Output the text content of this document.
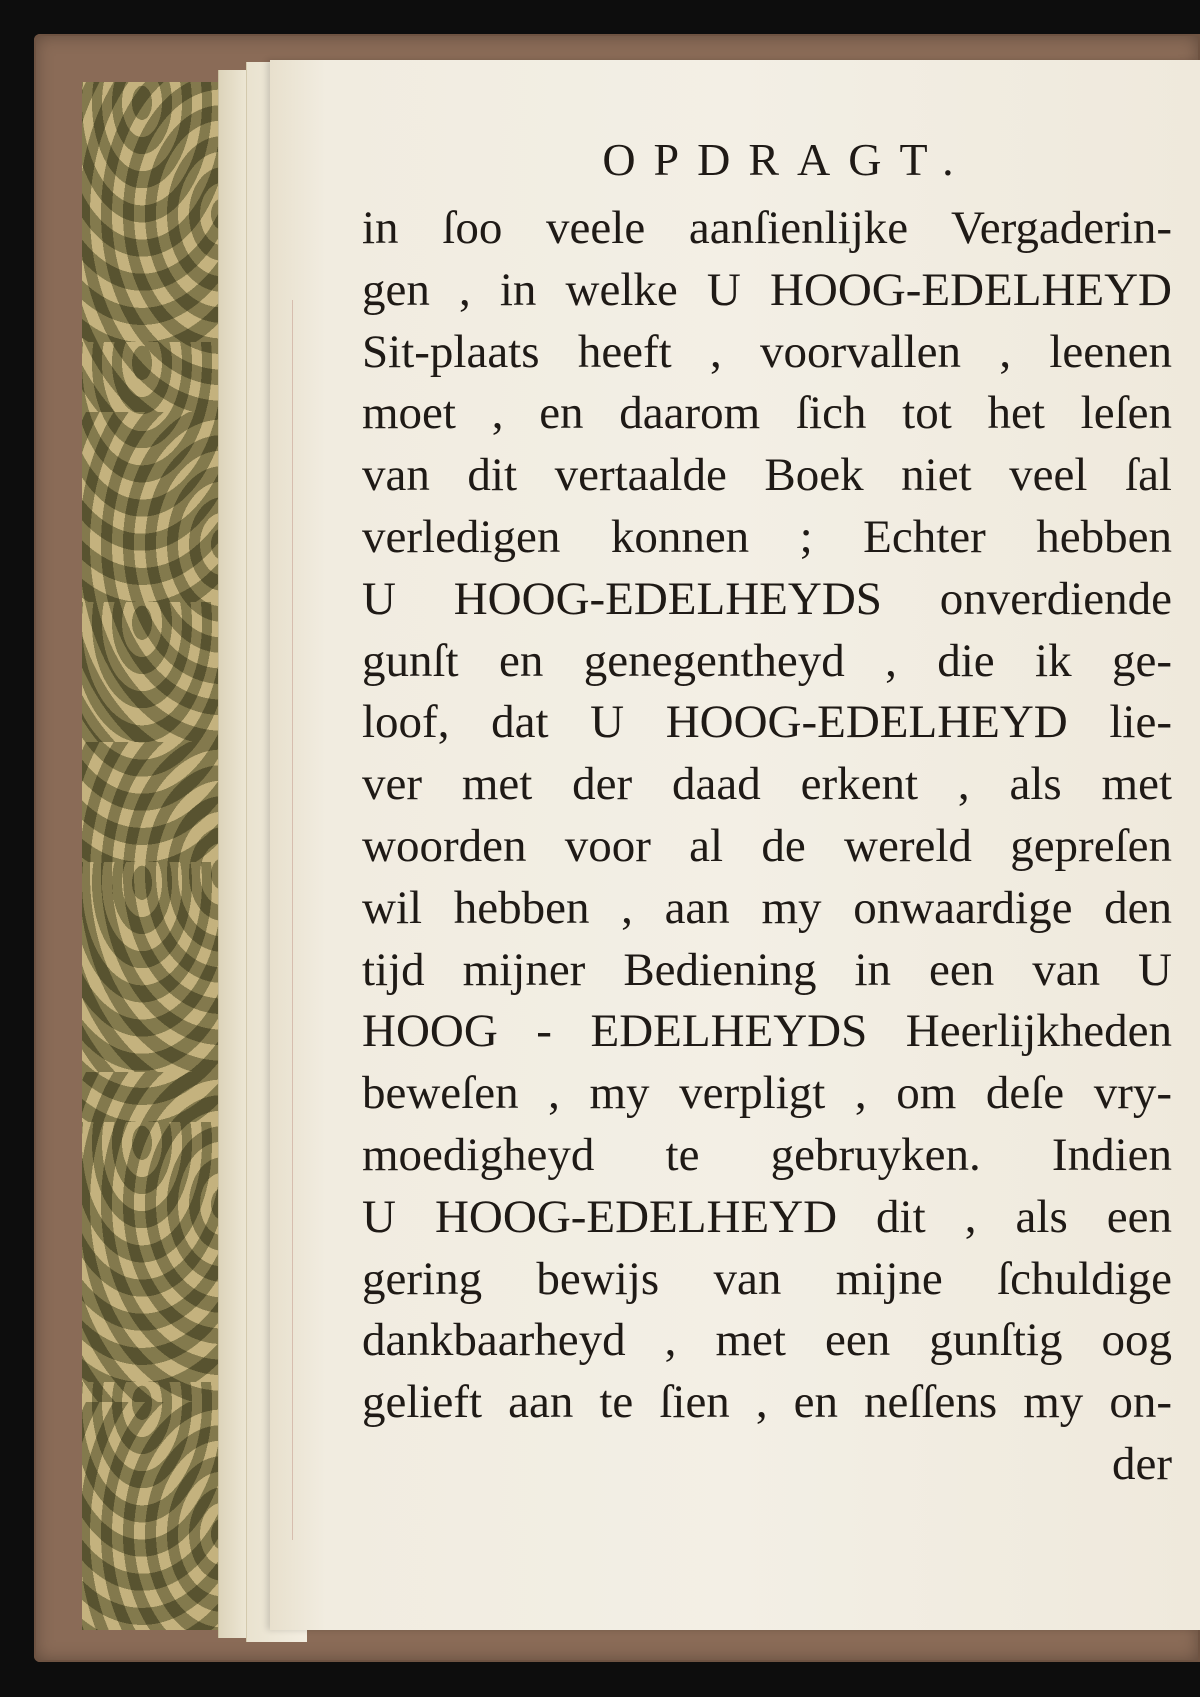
OPDRAGT.
in ſoo veele aanſienlijke Vergaderin-
gen , in welke U HOOG-EDELHEYD
Sit-plaats heeft , voorvallen , leenen
moet , en daarom ſich tot het leſen
van dit vertaalde Boek niet veel ſal
verledigen konnen ; Echter hebben
U HOOG-EDELHEYDS onverdiende
gunſt en genegentheyd , die ik ge-
loof, dat U HOOG-EDELHEYD lie-
ver met der daad erkent , als met
woorden voor al de wereld gepreſen
wil hebben , aan my onwaardige den
tijd mijner Bediening in een van U
HOOG - EDELHEYDS Heerlijkheden
beweſen , my verpligt , om deſe vry-
moedigheyd te gebruyken. Indien
U HOOG-EDELHEYD dit , als een
gering bewijs van mijne ſchuldige
dankbaarheyd , met een gunſtig oog
gelieft aan te ſien , en neſſens my on-
der
